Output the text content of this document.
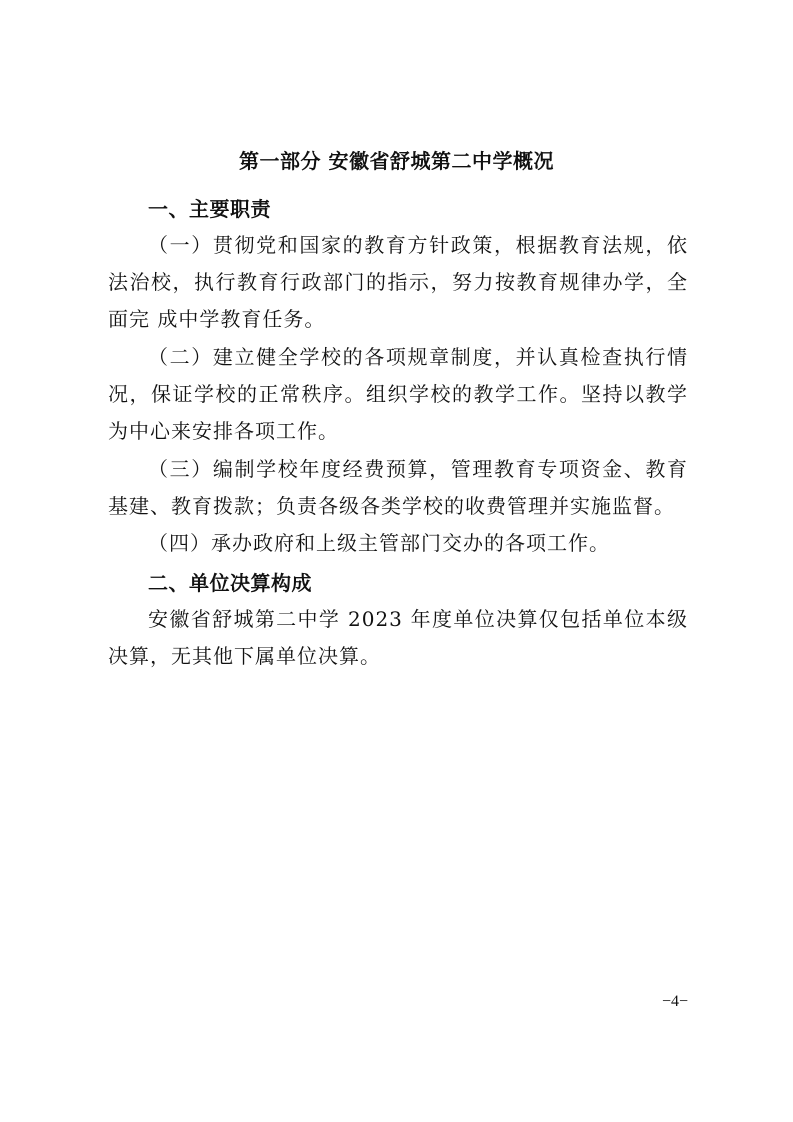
第一部分 安徽省舒城第二中学概况
一、主要职责

（一）贯彻党和国家的教育方针政策，根据教育法规，依法治校，执行教育行政部门的指示，努力按教育规律办学，全面完 成中学教育任务。

（二）建立健全学校的各项规章制度，并认真检查执行情况，保证学校的正常秩序。组织学校的教学工作。坚持以教学为中心来安排各项工作。

（三）编制学校年度经费预算，管理教育专项资金、教育基建、教育拨款；负责各级各类学校的收费管理并实施监督。

（四）承办政府和上级主管部门交办的各项工作。

二、单位决算构成

安徽省舒城第二中学 2023 年度单位决算仅包括单位本级决算，无其他下属单位决算。

−4−
